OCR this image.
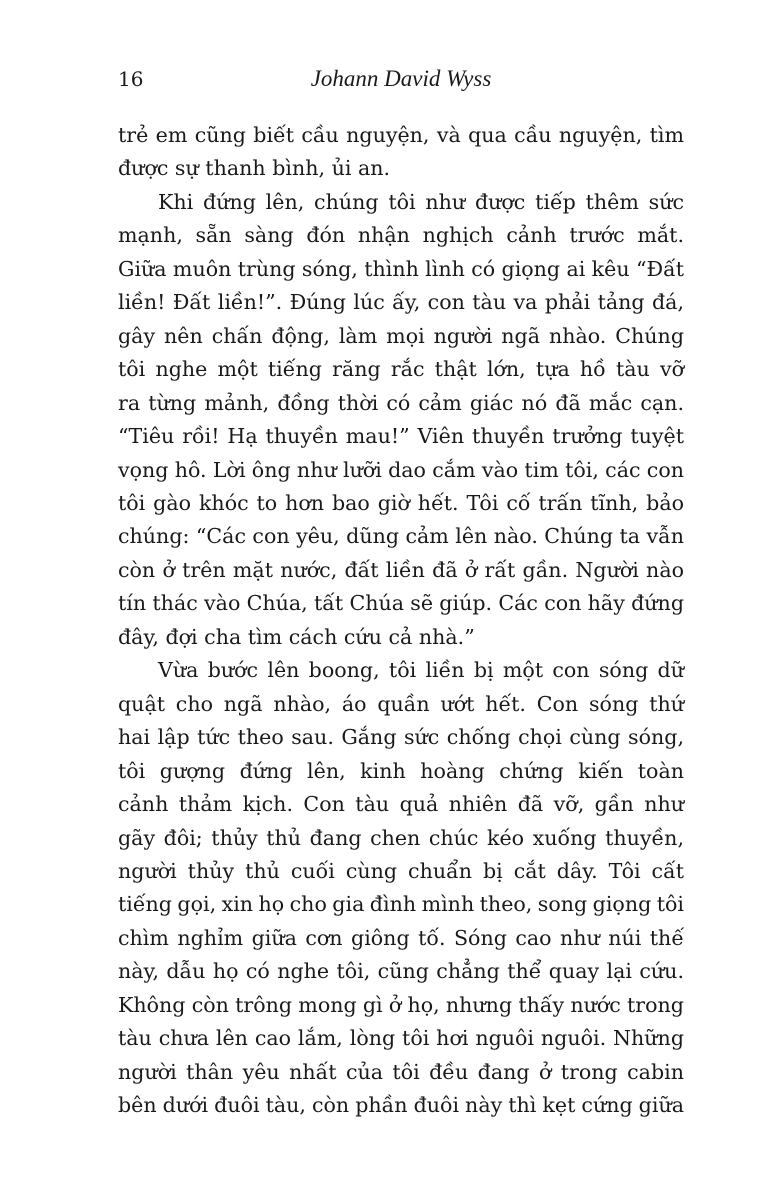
16	Johann David Wyss

trẻ em cũng biết cầu nguyện, và qua cầu nguyện, tìm
được sự thanh bình, ủi an.

Khi đứng lên, chúng tôi như được tiếp thêm sức
mạnh, sẵn sàng đón nhận nghịch cảnh trước mắt.
Giữa muôn trùng sóng, thình lình có giọng ai kêu “Đất
liền! Đất liền!”. Đúng lúc ấy, con tàu va phải tảng đá,
gây nên chấn động, làm mọi người ngã nhào. Chúng
tôi nghe một tiếng răng rắc thật lớn, tựa hồ tàu vỡ
ra từng mảnh, đồng thời có cảm giác nó đã mắc cạn.
“Tiêu rồi! Hạ thuyền mau!” Viên thuyền trưởng tuyệt
vọng hô. Lời ông như lưỡi dao cắm vào tim tôi, các con
tôi gào khóc to hơn bao giờ hết. Tôi cố trấn tĩnh, bảo
chúng: “Các con yêu, dũng cảm lên nào. Chúng ta vẫn
còn ở trên mặt nước, đất liền đã ở rất gần. Người nào
tín thác vào Chúa, tất Chúa sẽ giúp. Các con hãy đứng
đây, đợi cha tìm cách cứu cả nhà.”

Vừa bước lên boong, tôi liền bị một con sóng dữ
quật cho ngã nhào, áo quần ướt hết. Con sóng thứ
hai lập tức theo sau. Gắng sức chống chọi cùng sóng,
tôi gượng đứng lên, kinh hoàng chứng kiến toàn
cảnh thảm kịch. Con tàu quả nhiên đã vỡ, gần như
gãy đôi; thủy thủ đang chen chúc kéo xuống thuyền,
người thủy thủ cuối cùng chuẩn bị cắt dây. Tôi cất
tiếng gọi, xin họ cho gia đình mình theo, song giọng tôi
chìm nghỉm giữa cơn giông tố. Sóng cao như núi thế
này, dẫu họ có nghe tôi, cũng chẳng thể quay lại cứu.
Không còn trông mong gì ở họ, nhưng thấy nước trong
tàu chưa lên cao lắm, lòng tôi hơi nguôi nguôi. Những
người thân yêu nhất của tôi đều đang ở trong cabin
bên dưới đuôi tàu, còn phần đuôi này thì kẹt cứng giữa
